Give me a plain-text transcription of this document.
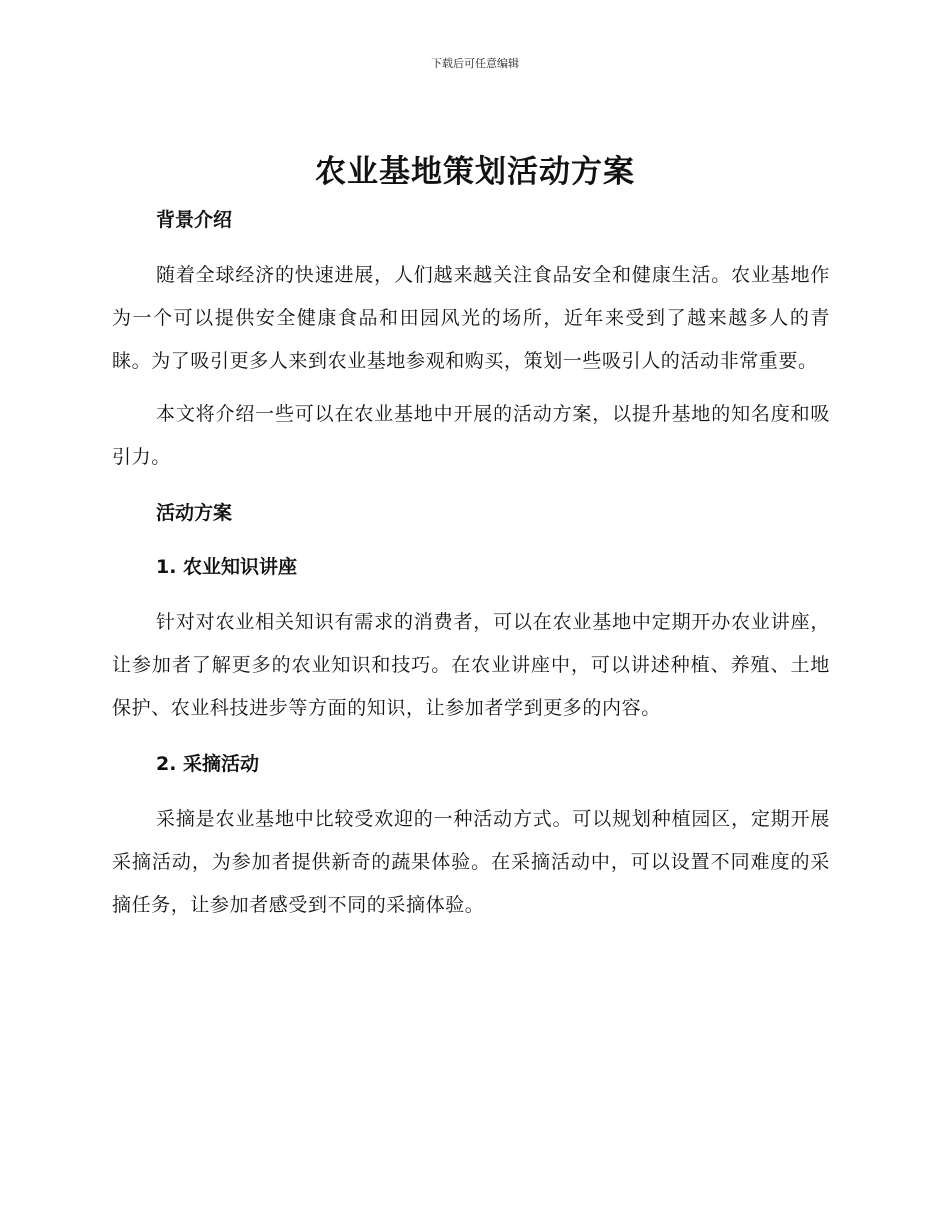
下载后可任意编辑
农业基地策划活动方案
背景介绍

随着全球经济的快速进展，人们越来越关注食品安全和健康生活。农业基地作为一个可以提供安全健康食品和田园风光的场所，近年来受到了越来越多人的青睐。为了吸引更多人来到农业基地参观和购买，策划一些吸引人的活动非常重要。

本文将介绍一些可以在农业基地中开展的活动方案，以提升基地的知名度和吸引力。

活动方案
1. 农业知识讲座

针对对农业相关知识有需求的消费者，可以在农业基地中定期开办农业讲座，让参加者了解更多的农业知识和技巧。在农业讲座中，可以讲述种植、养殖、土地保护、农业科技进步等方面的知识，让参加者学到更多的内容。

2. 采摘活动

采摘是农业基地中比较受欢迎的一种活动方式。可以规划种植园区，定期开展采摘活动，为参加者提供新奇的蔬果体验。在采摘活动中，可以设置不同难度的采摘任务，让参加者感受到不同的采摘体验。
